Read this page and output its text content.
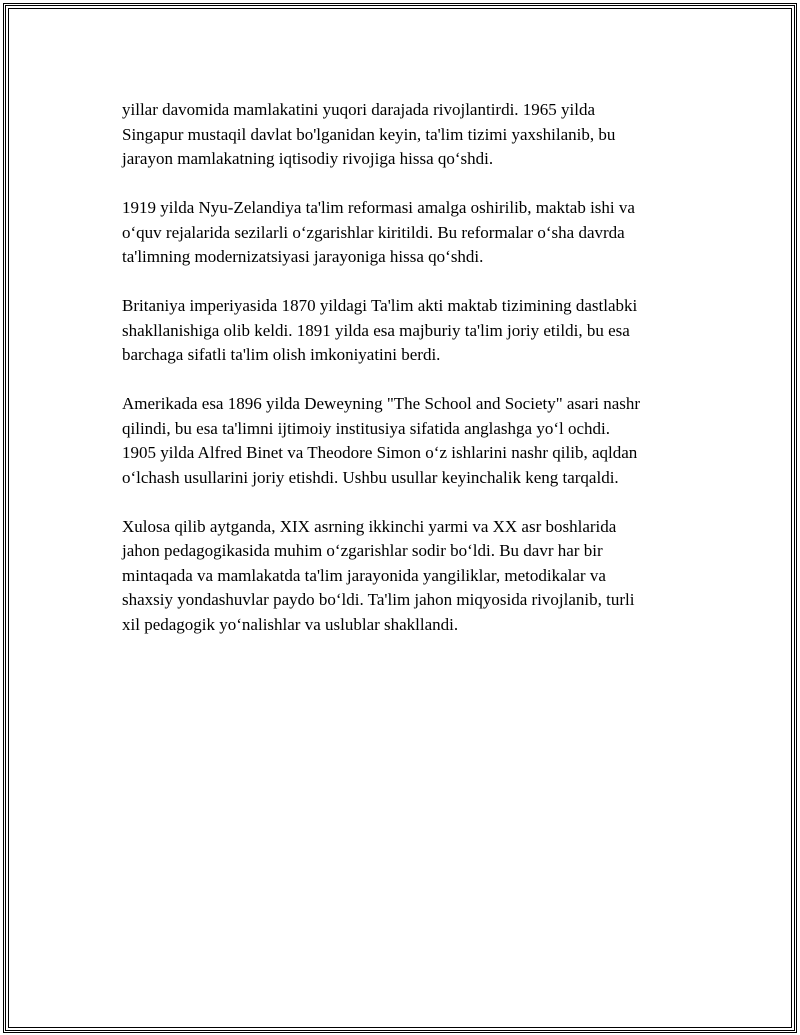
yillar davomida mamlakatini yuqori darajada rivojlantirdi. 1965 yilda
Singapur mustaqil davlat bo'lganidan keyin, ta'lim tizimi yaxshilanib, bu
jarayon mamlakatning iqtisodiy rivojiga hissa qo‘shdi.

1919 yilda Nyu-Zelandiya ta'lim reformasi amalga oshirilib, maktab ishi va
o‘quv rejalarida sezilarli o‘zgarishlar kiritildi. Bu reformalar o‘sha davrda
ta'limning modernizatsiyasi jarayoniga hissa qo‘shdi.

Britaniya imperiyasida 1870 yildagi Ta'lim akti maktab tizimining dastlabki
shakllanishiga olib keldi. 1891 yilda esa majburiy ta'lim joriy etildi, bu esa
barchaga sifatli ta'lim olish imkoniyatini berdi.

Amerikada esa 1896 yilda Deweyning "The School and Society" asari nashr
qilindi, bu esa ta'limni ijtimoiy institusiya sifatida anglashga yo‘l ochdi.
1905 yilda Alfred Binet va Theodore Simon o‘z ishlarini nashr qilib, aqldan
o‘lchash usullarini joriy etishdi. Ushbu usullar keyinchalik keng tarqaldi.

Xulosa qilib aytganda, XIX asrning ikkinchi yarmi va XX asr boshlarida
jahon pedagogikasida muhim o‘zgarishlar sodir bo‘ldi. Bu davr har bir
mintaqada va mamlakatda ta'lim jarayonida yangiliklar, metodikalar va
shaxsiy yondashuvlar paydo bo‘ldi. Ta'lim jahon miqyosida rivojlanib, turli
xil pedagogik yo‘nalishlar va uslublar shakllandi.
